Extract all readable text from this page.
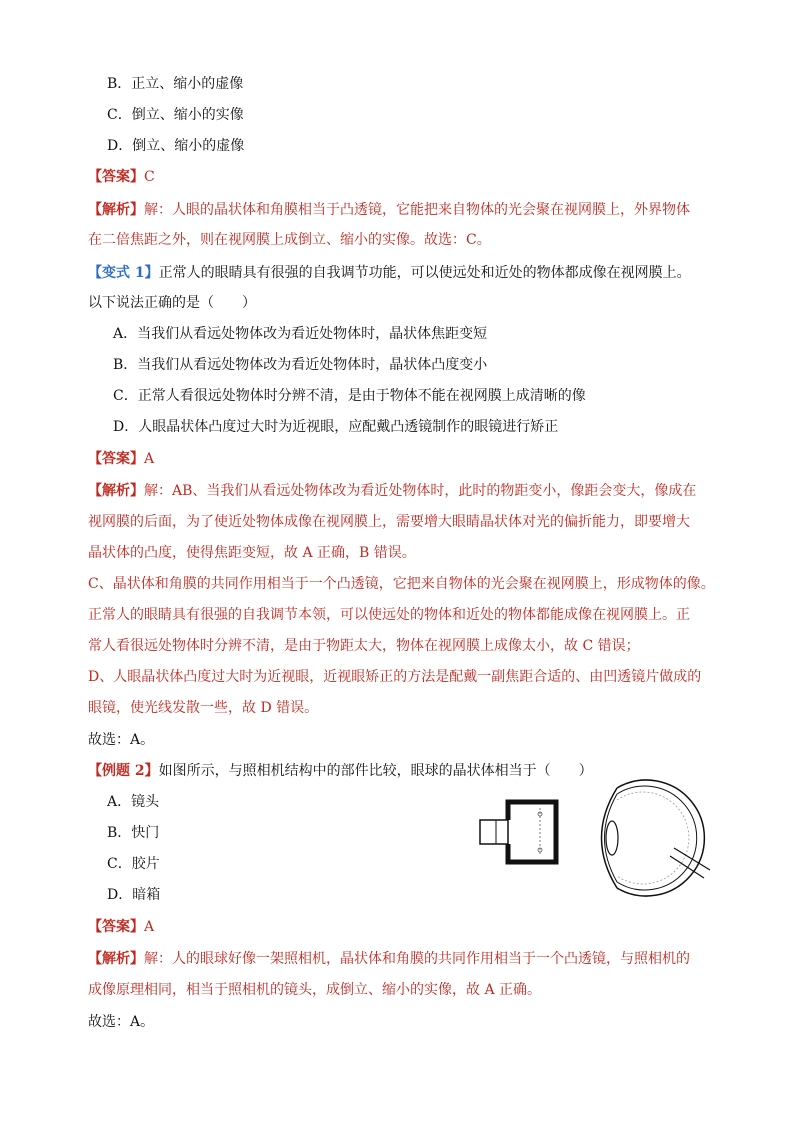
B．正立、缩小的虚像
C．倒立、缩小的实像
D．倒立、缩小的虚像
【答案】C
【解析】解：人眼的晶状体和角膜相当于凸透镜，它能把来自物体的光会聚在视网膜上，外界物体
在二倍焦距之外，则在视网膜上成倒立、缩小的实像。故选：C。
【变式 1】正常人的眼睛具有很强的自我调节功能，可以使远处和近处的物体都成像在视网膜上。
以下说法正确的是（　　）
A．当我们从看远处物体改为看近处物体时，晶状体焦距变短
B．当我们从看远处物体改为看近处物体时，晶状体凸度变小
C．正常人看很远处物体时分辨不清，是由于物体不能在视网膜上成清晰的像
D．人眼晶状体凸度过大时为近视眼，应配戴凸透镜制作的眼镜进行矫正
【答案】A
【解析】解：AB、当我们从看远处物体改为看近处物体时，此时的物距变小，像距会变大，像成在
视网膜的后面，为了使近处物体成像在视网膜上，需要增大眼睛晶状体对光的偏折能力，即要增大
晶状体的凸度，使得焦距变短，故 A 正确，B 错误。
C、晶状体和角膜的共同作用相当于一个凸透镜，它把来自物体的光会聚在视网膜上，形成物体的像。
正常人的眼睛具有很强的自我调节本领，可以使远处的物体和近处的物体都能成像在视网膜上。正
常人看很远处物体时分辨不清，是由于物距太大，物体在视网膜上成像太小，故 C 错误；
D、人眼晶状体凸度过大时为近视眼，近视眼矫正的方法是配戴一副焦距合适的、由凹透镜片做成的
眼镜，使光线发散一些，故 D 错误。
故选：A。
【例题 2】如图所示，与照相机结构中的部件比较，眼球的晶状体相当于（　　）
A．镜头
B．快门
C．胶片
D．暗箱
【答案】A
【解析】解：人的眼球好像一架照相机，晶状体和角膜的共同作用相当于一个凸透镜，与照相机的
成像原理相同，相当于照相机的镜头，成倒立、缩小的实像，故 A 正确。
故选：A。
